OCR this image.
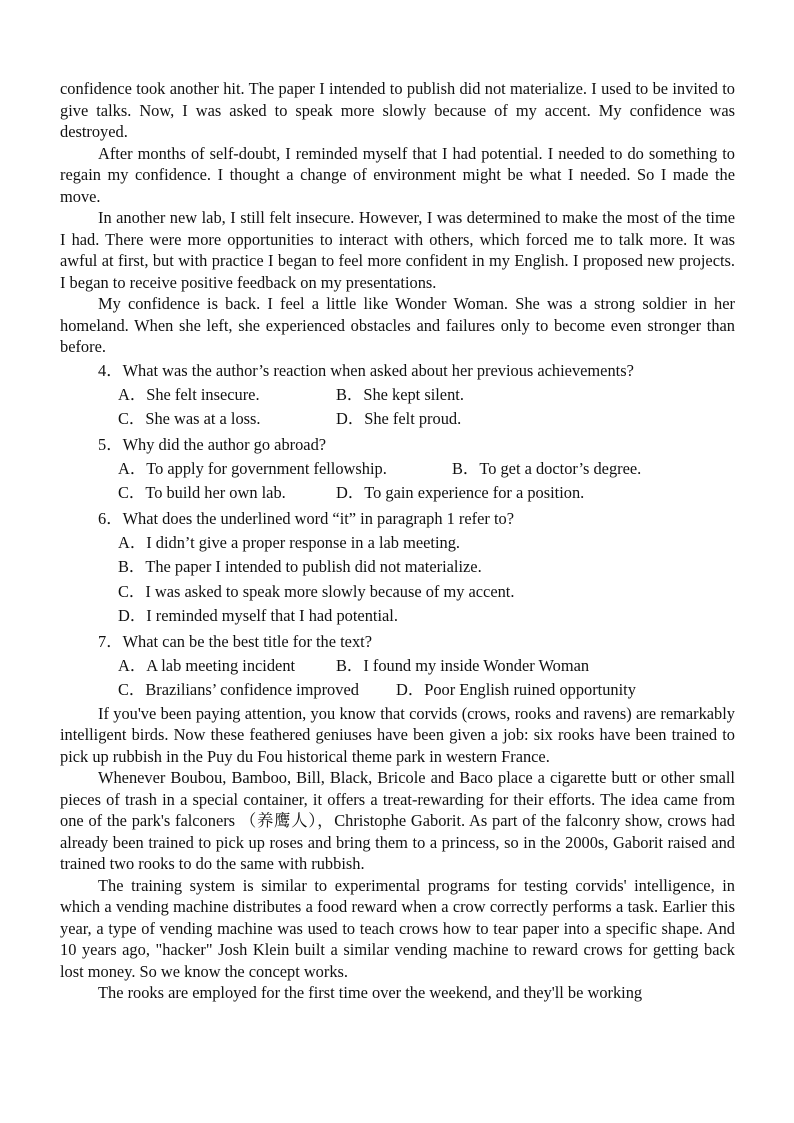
confidence took another hit. The paper I intended to publish did not materialize. I used to be invited to give talks. Now, I was asked to speak more slowly because of my accent. My confidence was destroyed.

After months of self-doubt, I reminded myself that I had potential. I needed to do something to regain my confidence. I thought a change of environment might be what I needed. So I made the move.

In another new lab, I still felt insecure. However, I was determined to make the most of the time I had. There were more opportunities to interact with others, which forced me to talk more. It was awful at first, but with practice I began to feel more confident in my English. I proposed new projects. I began to receive positive feedback on my presentations.

My confidence is back. I feel a little like Wonder Woman. She was a strong soldier in her homeland. When she left, she experienced obstacles and failures only to become even stronger than before.

4．What was the author’s reaction when asked about her previous achievements?
A．She felt insecure.	B．She kept silent.
C．She was at a loss.	D．She felt proud.
5．Why did the author go abroad?
A．To apply for government fellowship.	B．To get a doctor’s degree.
C．To build her own lab.	D．To gain experience for a position.
6．What does the underlined word “it” in paragraph 1 refer to?
A．I didn’t give a proper response in a lab meeting.
B．The paper I intended to publish did not materialize.
C．I was asked to speak more slowly because of my accent.
D．I reminded myself that I had potential.
7．What can be the best title for the text?
A．A lab meeting incident B．I found my inside Wonder Woman
C．Brazilians’ confidence improved D．Poor English ruined opportunity

If you've been paying attention, you know that corvids (crows, rooks and ravens) are remarkably intelligent birds. Now these feathered geniuses have been given a job: six rooks have been trained to pick up rubbish in the Puy du Fou historical theme park in western France.

Whenever Boubou, Bamboo, Bill, Black, Bricole and Baco place a cigarette butt or other small pieces of trash in a special container, it offers a treat-rewarding for their efforts. The idea came from one of the park's falconers （养鹰人），Christophe Gaborit. As part of the falconry show, crows had already been trained to pick up roses and bring them to a princess, so in the 2000s, Gaborit raised and trained two rooks to do the same with rubbish.

The training system is similar to experimental programs for testing corvids' intelligence, in which a vending machine distributes a food reward when a crow correctly performs a task. Earlier this year, a type of vending machine was used to teach crows how to tear paper into a specific shape. And 10 years ago, "hacker" Josh Klein built a similar vending machine to reward crows for getting back lost money. So we know the concept works.

The rooks are employed for the first time over the weekend, and they'll be working
